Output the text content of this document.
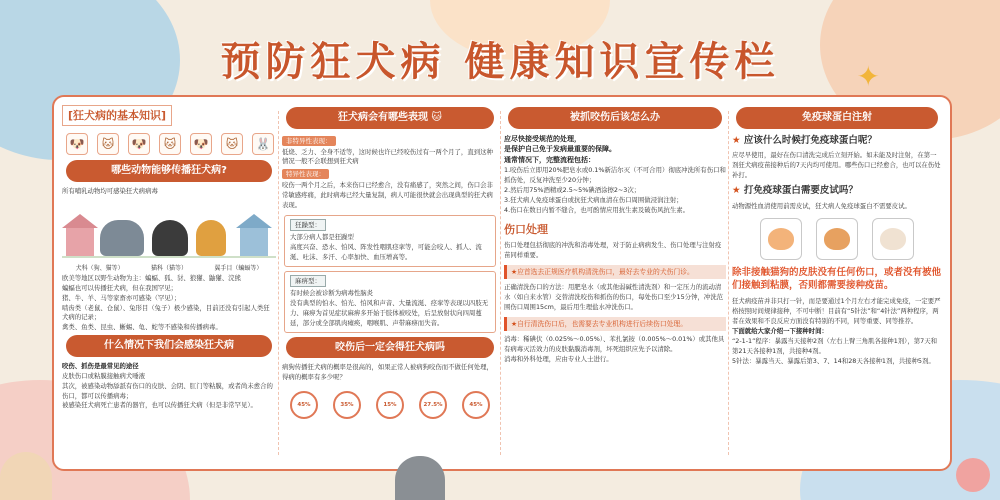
预防狂犬病 健康知识宣传栏	✦
[狂犬病的基本知识]
🐶	🐱	🐶	🐱	🐶	🐱	🐰
哪些动物能够传播狂犬病?
所有哺乳动物均可感染狂犬病病毒
犬科（狗、猫等）	猫科（猫等）	翼手目（蝙蝠等）
欧美等地区以野生动物为主：蝙蝠、狐、豺、狼獾、鼬獾、浣熊
蝙蝠也可以传播狂犬病，但在我国罕见；
猪、牛、羊、马等家畜亦可感染（罕见）；
啮齿类（老鼠、仓鼠）、兔形目（兔子）极少感染，目前还没有引起人类狂犬病的记录；
禽类、鱼类、昆虫、蜥蜴、龟、蛇等不感染和传播病毒。
什么情况下我们会感染狂犬病
咬伤、抓伤是最常见的途径
皮肤伤口或粘膜接触病犬唾液
其次，被感染动物舔舐有伤口的皮肤、会阴、肛门等粘膜，或者尚未愈合的伤口，都可以传播病毒；
被感染狂犬病死亡患者的器官，也可以传播狂犬病（但是非常罕见）。
狂犬病会有哪些表现 🐱
非特异性表现：
低烧、乏力、全身不适等，这时候也许已经咬伤过有一两个月了，直到这种情况一般不会联想到狂犬病
特异性表现：
咬伤一两个月之后，本来伤口已经愈合，没有痛感了，突然之间，伤口会非常敏感疼痛，此时病毒已经大量复制，病人可能很快就会出现典型的狂犬病表现。
狂躁型：
大部分病人都是狂躁型
高度兴奋、恐水、怕风、阵发性咽肌痉挛等，可能会咬人、抓人、流涎、吐沫、多汗、心率加快、血压增高等。
麻痹型：
有时候会被诊断为病毒性脑炎
没有典型的怕水、怕光、怕风和声音、大量流涎、痉挛等表现以四肢无力、麻痹为首见症状麻痹多开始于肢体被咬处，后呈放射状向四周蔓延，部分或全部肌肉瘫痪，咽喉肌、声带麻痹而失音。
咬伤后一定会得狂犬病吗
病狗传播狂犬病的概率是很高的，如果正常人被病狗咬伤而不做任何处理，得病的概率有多少呢？
45%	35%	15%	27.5%	45%
被抓咬伤后该怎么办
应尽快接受规范的处理，
是保护自己免于发病最重要的保障。
通常情况下，完整流程包括：
1.咬伤后立即用20%肥皂水或0.1%新洁尔灭（不可合用）彻底冲洗所有伤口和抓伤处，反复冲洗至少20分钟；
2.然后用75%酒精或2.5~5%碘酒涂擦2~3次；
3.狂犬病人免疫球蛋白或抗狂犬病血清在伤口周围做浸润注射；
4.伤口在数日内暂不缝合，也可酌情应用抗生素及破伤风抗生素。
伤口处理
伤口处理包括彻底的冲洗和消毒处理，对于防止病病发生、伤口处理与注射疫苗同样重要。
★应首选去正规医疗机构清洗伤口，最好去专业的犬伤门诊。
正确清洗伤口的方法：用肥皂水（或其他弱碱性清洗剂）和一定压力的流动清水（如自来水管）交替清洗咬伤和抓伤的伤口，每处伤口至少15分钟，冲洗范围伤口周围15cm，最后用生理盐水冲洗伤口。
★自行清洗伤口后，也需要去专业机构进行后续伤口处理。
消毒：稀碘伏（0.025%～0.05%）、苯扎氯铵（0.005%～0.01%）或其他具有病毒灭活效力的皮肤黏膜消毒剂，坏死组织应先予以清除。
消毒和外科处理，应由专业人士进行。
免疫球蛋白注射
★ 应该什么时候打免疫球蛋白呢？
应尽早使用，最好在伤口清洗完成后立刻开始。如未能及时注射，在第一剂狂犬病疫苗接种后的7天内均可使用。哪些伤口已经愈合，也可以在伤处补打。
★ 打免疫球蛋白需要皮试吗？
动物源性血清使用前需皮试，狂犬病人免疫球蛋白不需要皮试。
除非接触猫狗的皮肤没有任何伤口，或者没有被他们接触到粘膜，否则都需要接种疫苗。
狂犬病疫苗并非只打一针，而是要通过1个月左右才能完成免疫，一定要严格按照时间规律接种，不可中断！目前有“5针法”和“4针法”两种程序，两者在效果和不良反应方面没有特别的不同，同等重要、同等推荐。
下面就给大家介绍一下接种时间：
“2-1-1”程序：暴露当天接种2剂（左右上臂三角肌各接种1剂），第7天和第21天各接种1剂，共接种4剂。
5针法：暴露当天、暴露后第3、7、14和28天各接种1剂，共接种5剂。
